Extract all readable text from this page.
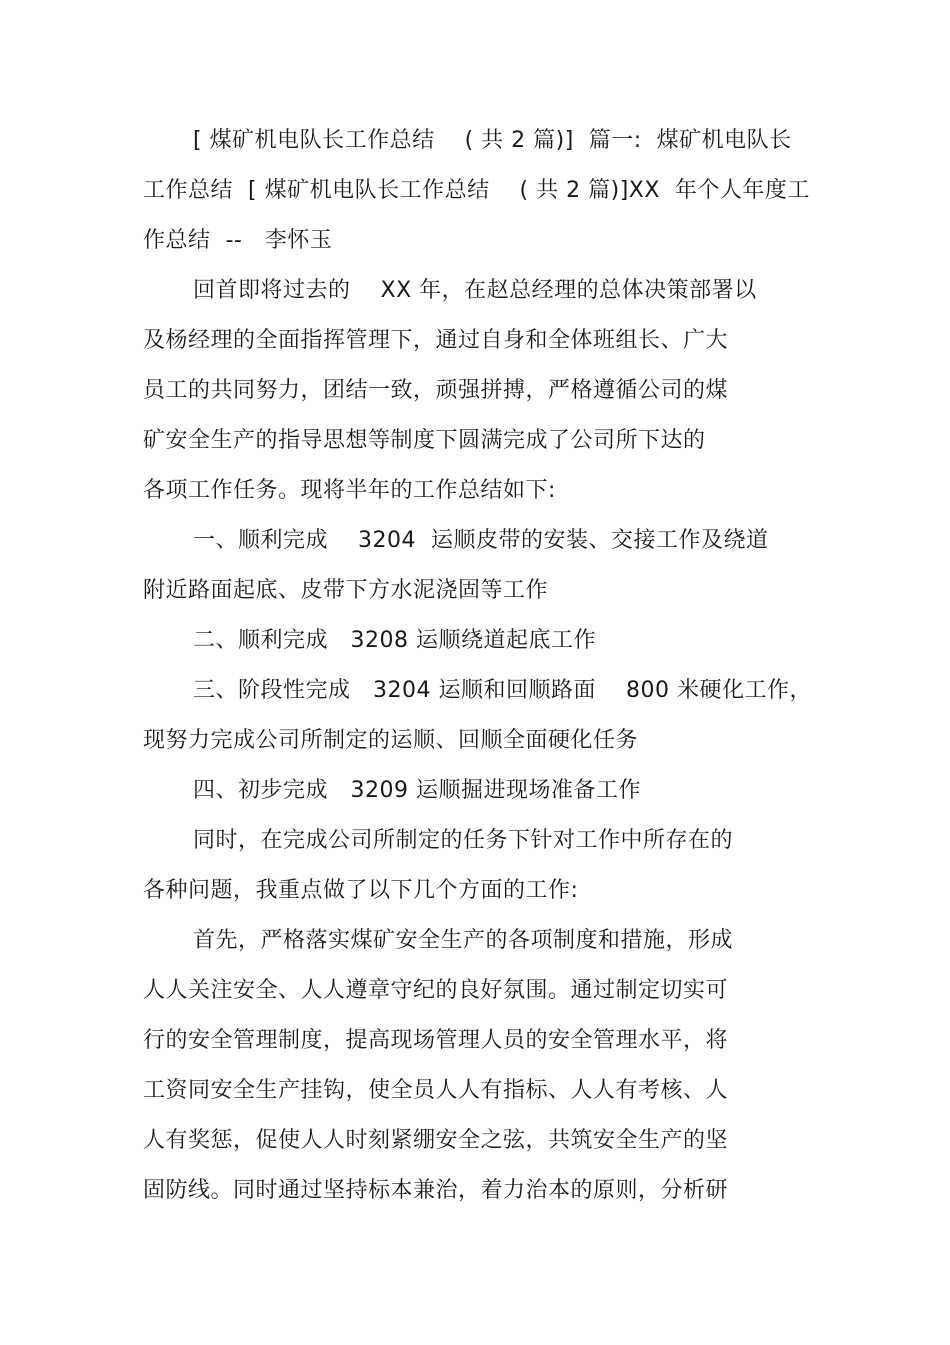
[ 煤矿机电队长工作总结　 ( 共 2 篇)]  篇一:  煤矿机电队长
工作总结  [ 煤矿机电队长工作总结　 ( 共 2 篇)]XX  年个人年度工
作总结  --   李怀玉
回首即将过去的　 XX 年，在赵总经理的总体决策部署以
及杨经理的全面指挥管理下，通过自身和全体班组长、广大
员工的共同努力，团结一致，顽强拼搏，严格遵循公司的煤
矿安全生产的指导思想等制度下圆满完成了公司所下达的
各项工作任务。现将半年的工作总结如下:
一、顺利完成　 3204  运顺皮带的安装、交接工作及绕道
附近路面起底、皮带下方水泥浇固等工作
二、顺利完成　3208 运顺绕道起底工作
三、阶段性完成　3204 运顺和回顺路面　 800 米硬化工作，
现努力完成公司所制定的运顺、回顺全面硬化任务
四、初步完成　3209 运顺掘进现场准备工作
同时，在完成公司所制定的任务下针对工作中所存在的
各种问题，我重点做了以下几个方面的工作:
首先，严格落实煤矿安全生产的各项制度和措施，形成
人人关注安全、人人遵章守纪的良好氛围。通过制定切实可
行的安全管理制度，提高现场管理人员的安全管理水平，将
工资同安全生产挂钩，使全员人人有指标、人人有考核、人
人有奖惩，促使人人时刻紧绷安全之弦，共筑安全生产的坚
固防线。同时通过坚持标本兼治，着力治本的原则，分析研
